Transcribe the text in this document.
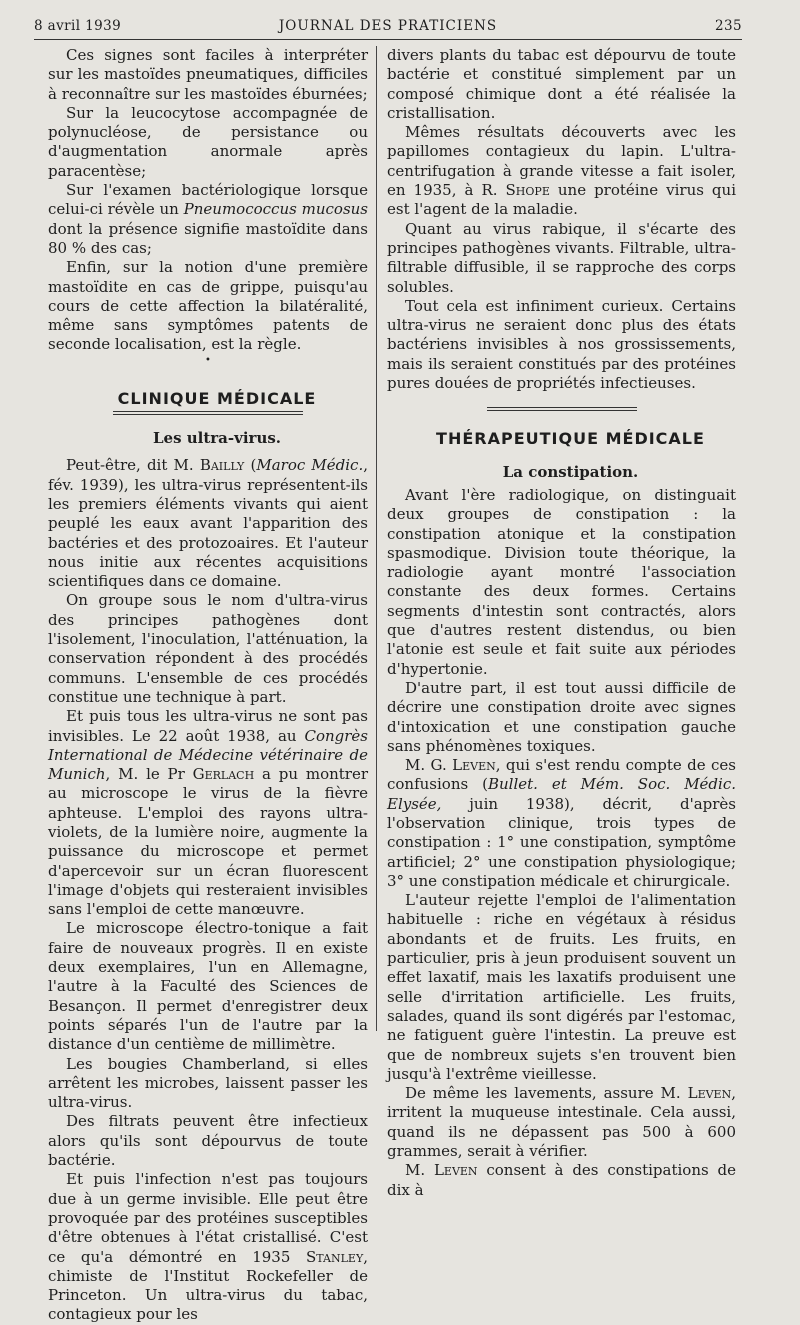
8 avril 1939	JOURNAL DES PRATICIENS	235

Ces signes sont faciles à interpréter sur les mastoïdes pneumatiques, difficiles à reconnaître sur les mastoïdes éburnées;

Sur la leucocytose accompagnée de polynucléose, de persistance ou d'augmentation anormale après paracentèse;

Sur l'examen bactériologique lorsque celui-ci révèle un Pneumococcus mucosus dont la présence signifie mastoïdite dans 80 % des cas;

Enfin, sur la notion d'une première mastoïdite en cas de grippe, puisqu'au cours de cette affection la bilatéralité, même sans symptômes patents de seconde localisation, est la règle.

•

CLINIQUE MÉDICALE

Les ultra-virus.

Peut-être, dit M. Bailly (Maroc Médic., fév. 1939), les ultra-virus représentent-ils les premiers éléments vivants qui aient peuplé les eaux avant l'apparition des bactéries et des protozoaires. Et l'auteur nous initie aux récentes acquisitions scientifiques dans ce domaine.

On groupe sous le nom d'ultra-virus des principes pathogènes dont l'isolement, l'inoculation, l'atténuation, la conservation répondent à des procédés communs. L'ensemble de ces procédés constitue une technique à part.

Et puis tous les ultra-virus ne sont pas invisibles. Le 22 août 1938, au Congrès International de Médecine vétérinaire de Munich, M. le Pr Gerlach a pu montrer au microscope le virus de la fièvre aphteuse. L'emploi des rayons ultra-violets, de la lumière noire, augmente la puissance du microscope et permet d'apercevoir sur un écran fluorescent l'image d'objets qui resteraient invisibles sans l'emploi de cette manœuvre.

Le microscope électro-tonique a fait faire de nouveaux progrès. Il en existe deux exemplaires, l'un en Allemagne, l'autre à la Faculté des Sciences de Besançon. Il permet d'enregistrer deux points séparés l'un de l'autre par la distance d'un centième de millimètre.

Les bougies Chamberland, si elles arrêtent les microbes, laissent passer les ultra-virus.

Des filtrats peuvent être infectieux alors qu'ils sont dépourvus de toute bactérie.

Et puis l'infection n'est pas toujours due à un germe invisible. Elle peut être provoquée par des protéines susceptibles d'être obtenues à l'état cristallisé. C'est ce qu'a démontré en 1935 Stanley, chimiste de l'Institut Rockefeller de Princeton. Un ultra-virus du tabac, contagieux pour les

divers plants du tabac est dépourvu de toute bactérie et constitué simplement par un composé chimique dont a été réalisée la cristallisation.

Mêmes résultats découverts avec les papillomes contagieux du lapin. L'ultra-centrifugation à grande vitesse a fait isoler, en 1935, à R. Shope une protéine virus qui est l'agent de la maladie.

Quant au virus rabique, il s'écarte des principes pathogènes vivants. Filtrable, ultra-filtrable diffusible, il se rapproche des corps solubles.

Tout cela est infiniment curieux. Certains ultra-virus ne seraient donc plus des états bactériens invisibles à nos grossissements, mais ils seraient constitués par des protéines pures douées de propriétés infectieuses.

THÉRAPEUTIQUE MÉDICALE

La constipation.

Avant l'ère radiologique, on distinguait deux groupes de constipation : la constipation atonique et la constipation spasmodique. Division toute théorique, la radiologie ayant montré l'association constante des deux formes. Certains segments d'intestin sont contractés, alors que d'autres restent distendus, ou bien l'atonie est seule et fait suite aux périodes d'hypertonie.

D'autre part, il est tout aussi difficile de décrire une constipation droite avec signes d'intoxication et une constipation gauche sans phénomènes toxiques.

M. G. Leven, qui s'est rendu compte de ces confusions (Bullet. et Mém. Soc. Médic. Elysée, juin 1938), décrit, d'après l'observation clinique, trois types de constipation : 1° une constipation, symptôme artificiel; 2° une constipation physiologique; 3° une constipation médicale et chirurgicale.

L'auteur rejette l'emploi de l'alimentation habituelle : riche en végétaux à résidus abondants et de fruits. Les fruits, en particulier, pris à jeun produisent souvent un effet laxatif, mais les laxatifs produisent une selle d'irritation artificielle. Les fruits, salades, quand ils sont digérés par l'estomac, ne fatiguent guère l'intestin. La preuve est que de nombreux sujets s'en trouvent bien jusqu'à l'extrême vieillesse.

De même les lavements, assure M. Leven, irritent la muqueuse intestinale. Cela aussi, quand ils ne dépassent pas 500 à 600 grammes, serait à vérifier.

M. Leven consent à des constipations de dix à
